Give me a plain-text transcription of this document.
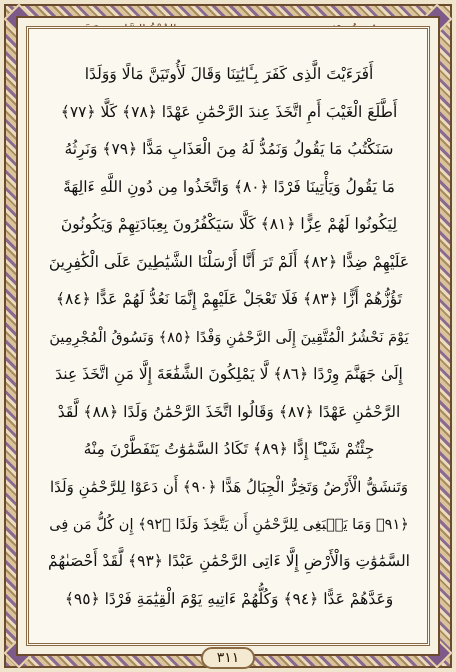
أَفَرَءَيْتَ الَّذِى كَفَرَ بِـَٔايَٰتِنَا وَقَالَ لَأُوتَيَنَّ مَالًا وَوَلَدًا
أَطَّلَعَ الْغَيْبَ أَمِ اتَّخَذَ عِندَ الرَّحْمَٰنِ عَهْدًا ﴿٧٨﴾ كَلَّا ﴿٧٧﴾
سَنَكْتُبُ مَا يَقُولُ وَنَمُدُّ لَهُ مِنَ الْعَذَابِ مَدًّا ﴿٧٩﴾ وَنَرِثُهُ
مَا يَقُولُ وَيَأْتِينَا فَرْدًا ﴿٨٠﴾ وَاتَّخَذُوا مِن دُونِ اللَّهِ ءَالِهَةً
لِيَكُونُوا لَهُمْ عِزًّا ﴿٨١﴾ كَلَّا سَيَكْفُرُونَ بِعِبَادَتِهِمْ وَيَكُونُونَ
عَلَيْهِمْ ضِدًّا ﴿٨٢﴾ أَلَمْ تَرَ أَنَّا أَرْسَلْنَا الشَّيَٰطِينَ عَلَى الْكَٰفِرِينَ
تَؤُزُّهُمْ أَزًّا ﴿٨٣﴾ فَلَا تَعْجَلْ عَلَيْهِمْ إِنَّمَا نَعُدُّ لَهُمْ عَدًّا ﴿٨٤﴾
يَوْمَ نَحْشُرُ الْمُتَّقِينَ إِلَى الرَّحْمَٰنِ وَفْدًا ﴿٨٥﴾ وَنَسُوقُ الْمُجْرِمِينَ
إِلَىٰ جَهَنَّمَ وِرْدًا ﴿٨٦﴾ لَّا يَمْلِكُونَ الشَّفَٰعَةَ إِلَّا مَنِ اتَّخَذَ عِندَ
الرَّحْمَٰنِ عَهْدًا ﴿٨٧﴾ وَقَالُوا اتَّخَذَ الرَّحْمَٰنُ وَلَدًا ﴿٨٨﴾ لَّقَدْ
جِئْتُمْ شَيْـًٔا إِدًّا ﴿٨٩﴾ تَكَادُ السَّمَٰوَٰتُ يَتَفَطَّرْنَ مِنْهُ
وَتَنشَقُّ الْأَرْضُ وَتَخِرُّ الْجِبَالُ هَدًّا ﴿٩٠﴾ أَن دَعَوْا لِلرَّحْمَٰنِ وَلَدًا
﴿٩١﴾ وَمَا يَنۢبَغِى لِلرَّحْمَٰنِ أَن يَتَّخِذَ وَلَدًا ﴿٩٢﴾ إِن كُلُّ مَن فِى
السَّمَٰوَٰتِ وَالْأَرْضِ إِلَّا ءَاتِى الرَّحْمَٰنِ عَبْدًا ﴿٩٣﴾ لَّقَدْ أَحْصَىٰهُمْ
وَعَدَّهُمْ عَدًّا ﴿٩٤﴾ وَكُلُّهُمْ ءَاتِيهِ يَوْمَ الْقِيَٰمَةِ فَرْدًا ﴿٩٥﴾
٣١١
